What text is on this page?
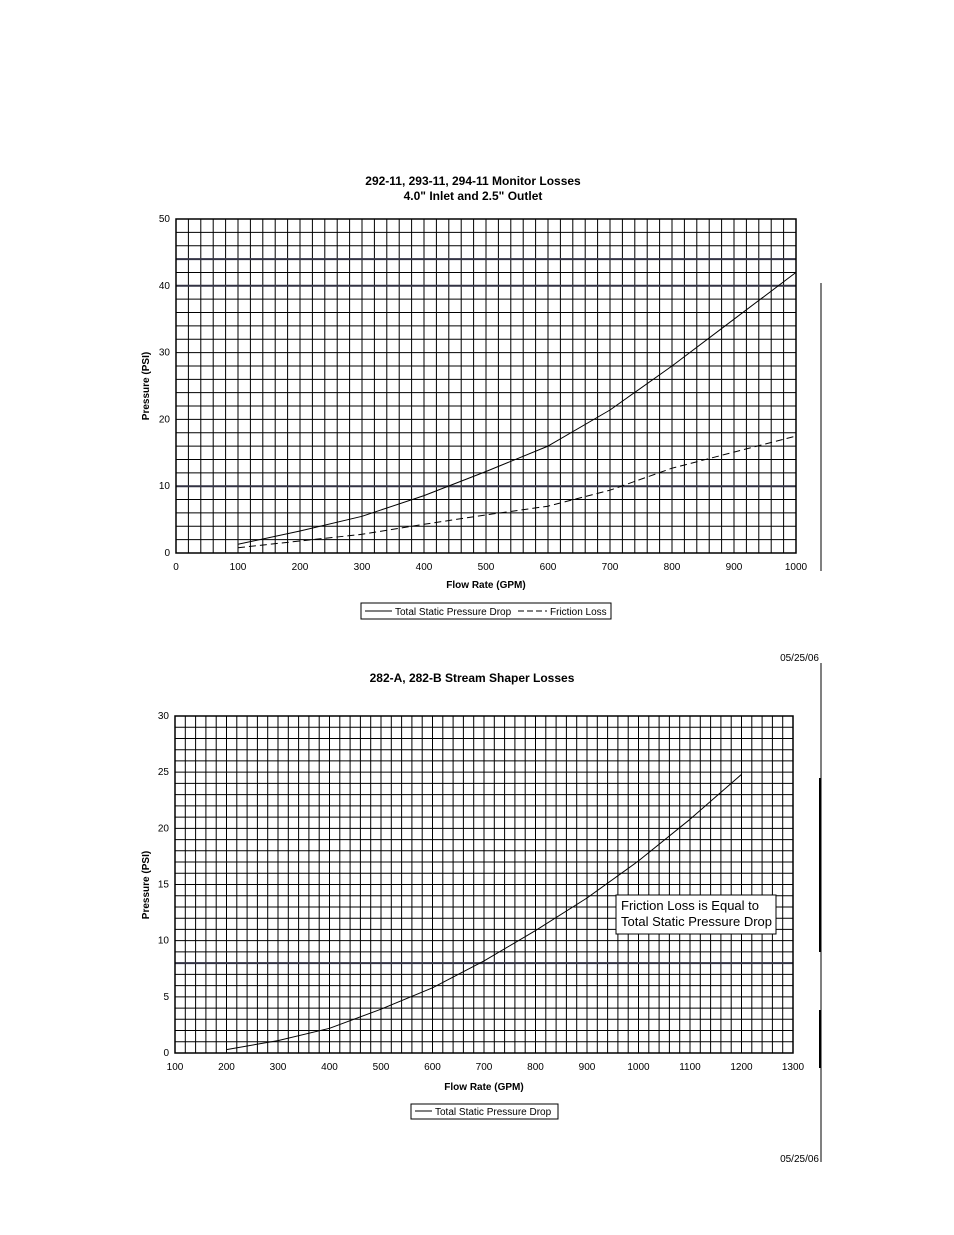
292-11, 293-11, 294-11 Monitor Losses
4.0" Inlet and 2.5" Outlet
Flow Rate (GPM)
Pressure (PSI)
0	100	200	300	400	500	600	700	800	900	1000
0
10
20
30
40
50
Total Static Pressure Drop	Friction Loss
05/25/06
282-A, 282-B Stream Shaper Losses
Flow Rate (GPM)
Pressure (PSI)
100	200	300	400	500	600	700	800	900	1000	1100	1200	1300
0
5
10
15
20
25
30
Friction Loss is Equal to
Total Static Pressure Drop
Total Static Pressure Drop
05/25/06
